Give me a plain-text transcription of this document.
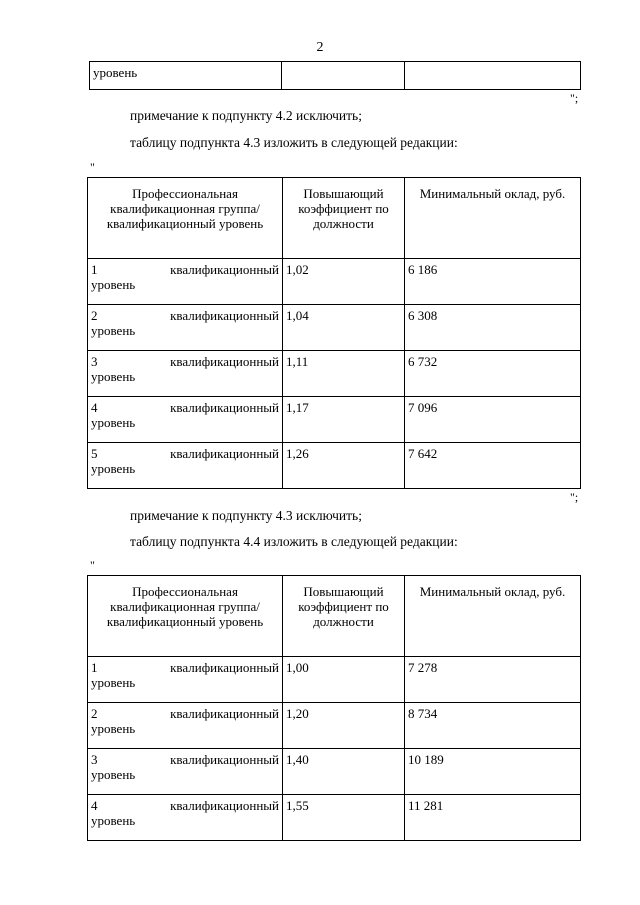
2
уровень		
";
примечание к подпункту 4.2 исключить;
таблицу подпункта 4.3 изложить в следующей редакции:
"
Профессиональная квалификационная группа/квалификационный уровень	Повышающий коэффициент по должности	Минимальный оклад, руб.

1 квалификационный
уровень	1,02	6 186

2 квалификационный
уровень	1,04	6 308

3 квалификационный
уровень	1,11	6 732

4 квалификационный
уровень	1,17	7 096

5 квалификационный
уровень	1,26	7 642
";
примечание к подпункту 4.3 исключить;
таблицу подпункта 4.4 изложить в следующей редакции:
"
Профессиональная квалификационная группа/квалификационный уровень	Повышающий коэффициент по должности	Минимальный оклад, руб.

1 квалификационный
уровень	1,00	7 278

2 квалификационный
уровень	1,20	8 734

3 квалификационный
уровень	1,40	10 189

4 квалификационный
уровень	1,55	11 281
